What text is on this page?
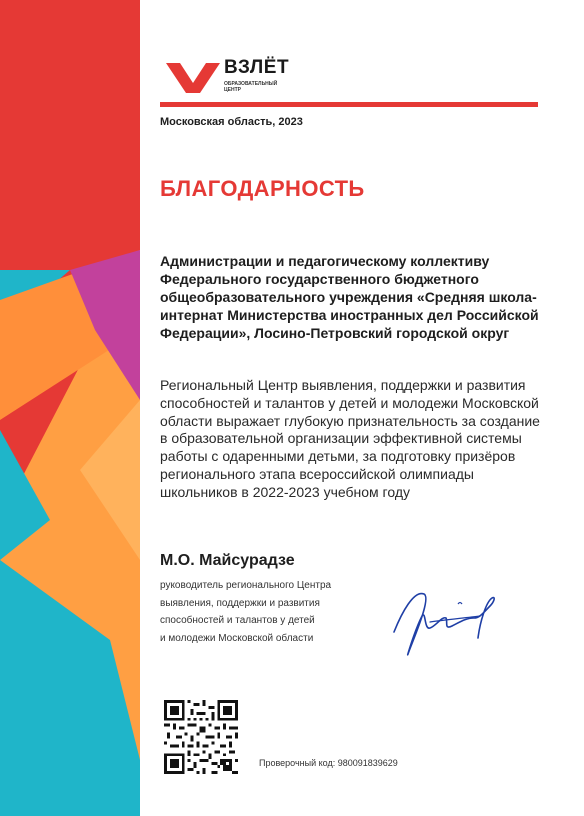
ВЗЛЁТ
ОБРАЗОВАТЕЛЬНЫЙ
ЦЕНТР
Московская область, 2023
БЛАГОДАРНОСТЬ
Администрации и педагогическому коллективу Федерального государственного бюджетного общеобразовательного учреждения «Средняя школа-интернат Министерства иностранных дел Российской Федерации», Лосино-Петровский городской округ
Региональный Центр выявления, поддержки и развития способностей и талантов у детей и молодежи Московской области выражает глубокую признательность за создание в образовательной организации эффективной системы работы с одаренными детьми, за подготовку призёров регионального этапа всероссийской олимпиады школьников в 2022-2023 учебном году
М.О. Майсурадзе
руководитель регионального Центра
выявления, поддержки и развития
способностей и талантов у детей
и молодежи Московской области
Проверочный код: 980091839629
